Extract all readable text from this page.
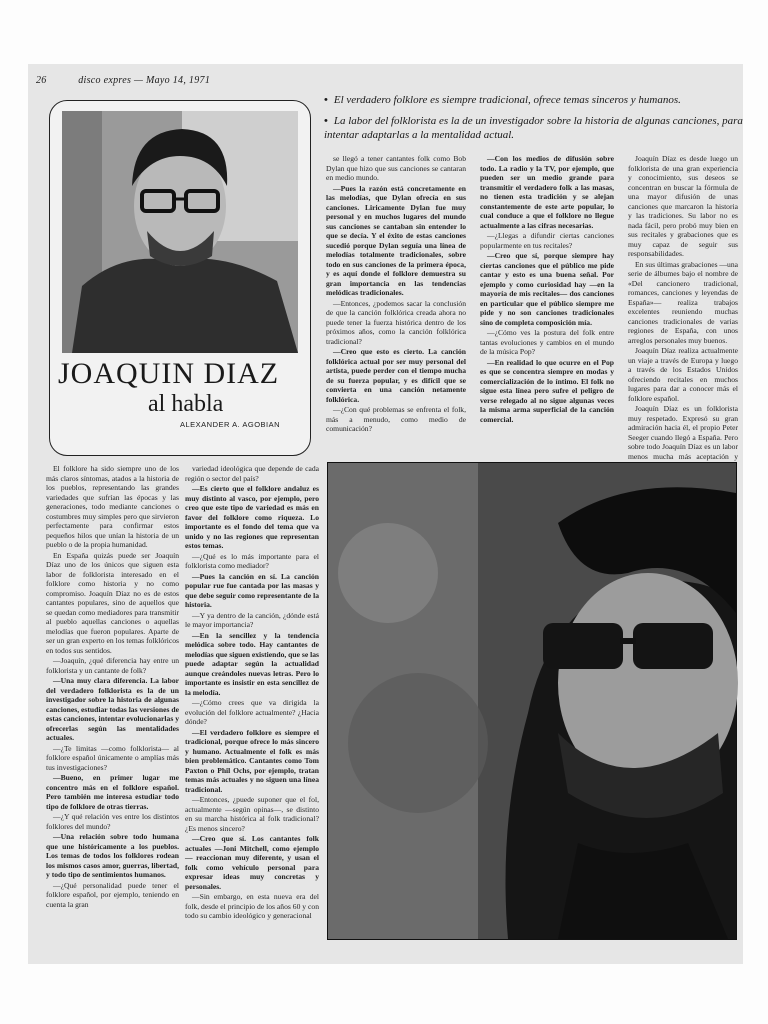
26	disco expres — Mayo 14, 1971
• El verdadero folklore es siempre tradicional, ofrece temas sinceros y humanos.
• La labor del folklorista es la de un investigador sobre la historia de algunas canciones, para intentar adaptarlas a la mentalidad actual.
JOAQUIN DIAZ
al habla
ALEXANDER A. AGOBIAN

se llegó a tener cantantes folk como Bob Dylan que hizo que sus canciones se cantaran en medio mundo.

—Pues la razón está concretamente en las melodías, que Dylan ofrecía en sus canciones. Liricamente Dylan fue muy personal y en muchos lugares del mundo sus canciones se cantaban sin entender lo que se decía. Y el éxito de estas canciones sucedió porque Dylan seguía una línea de melodías totalmente tradicionales, sobre todo en sus canciones de la primera época, y es aquí donde el folklore demuestra su gran importancia en las tendencias melódicas tradicionales.

—Entonces, ¿podemos sacar la conclusión de que la canción folklórica creada ahora no puede tener la fuerza histórica dentro de los próximos años, como la canción folklórica tradicional?

—Creo que esto es cierto. La canción folklórica actual por ser muy personal del artista, puede perder con el tiempo mucha de su fuerza popular, y es difícil que se convierta en una canción netamente folklórica.

—¿Con qué problemas se enfrenta el folk, más a menudo, como medio de comunicación?

—Con los medios de difusión sobre todo. La radio y la TV, por ejemplo, que pueden ser un medio grande para transmitir el verdadero folk a las masas, no tienen esta tradición y se alejan constantemente de este arte popular, lo cual conduce a que el folklore no llegue actualmente a las cifras necesarias.

—¿Llegas a difundir ciertas canciones popularmente en tus recitales?

—Creo que sí, porque siempre hay ciertas canciones que el público me pide cantar y esto es una buena señal. Por ejemplo y como curiosidad hay —en la mayoría de mis recitales— dos canciones en particular que el público siempre me pide y no son canciones tradicionales sino de completa composición mía.

—¿Cómo ves la postura del folk entre tantas evoluciones y cambios en el mundo de la música Pop?

—En realidad lo que ocurre en el Pop es que se concentra siempre en modas y comercialización de lo íntimo. El folk no sigue esta línea pero sufre el peligro de verse relegado al no sigue algunas veces la misma arma superficial de la canción comercial.

Joaquín Díaz es desde luego un folklorista de una gran experiencia y conocimiento, sus deseos se concentran en buscar la fórmula de una mayor difusión de unas canciones que marcaron la historia y las tradiciones. Su labor no es nada fácil, pero probó muy bien en sus recitales y grabaciones que es muy capaz de seguir sus responsabilidades.

En sus últimas grabaciones —una serie de álbumes bajo el nombre de «Del cancionero tradicional, romances, canciones y leyendas de España»— realiza trabajos excelentes reuniendo muchas canciones tradicionales de varias regiones de España, con unos arreglos personales muy buenos.

Joaquín Díaz realiza actualmente un viaje a través de Europa y luego a través de los Estados Unidos ofreciendo recitales en muchos lugares para dar a conocer más el folklore español.

Joaquín Díaz es un folklorista muy respetado. Expresó su gran admiración hacia él, el propio Peter Seeger cuando llegó a España. Pero sobre todo Joaquín Díaz es un labor menos mucha más aceptación y

El folklore ha sido siempre uno de los más claros síntomas, atados a la historia de los pueblos, representando las grandes variedades que sufrían las épocas y las generaciones, todo mediante canciones o costumbres muy simples pero que sirvieron perfectamente para confirmar estos pequeños hilos que unían la historia de un pueblo o de la propia humanidad.

En España quizás puede ser Joaquín Díaz uno de los únicos que siguen esta labor de folklorista interesado en el folklore como historia y no como compromiso. Joaquín Díaz no es de estos cantantes populares, sino de aquellos que se quedan como mediadores para transmitir al pueblo aquellas canciones o aquellas melodías que fueron populares. Aparte de ser un gran experto en los temas folklóricos en todos sus sentidos.

—Joaquín, ¿qué diferencia hay entre un folklorista y un cantante de folk?

—Una muy clara diferencia. La labor del verdadero folklorista es la de un investigador sobre la historia de algunas canciones, estudiar todas las versiones de estas canciones, intentar evolucionarlas y ofrecerlas según las mentalidades actuales.

—¿Te limitas —como folklorista— al folklore español únicamente o amplías más tus investigaciones?

—Bueno, en primer lugar me concentro más en el folklore español. Pero también me interesa estudiar todo tipo de folklore de otras tierras.

—¿Y qué relación ves entre los distintos folklores del mundo?

—Una relación sobre todo humana que une históricamente a los pueblos. Los temas de todos los folklores rodean los mismos casos amor, guerras, libertad, y todo tipo de sentimientos humanos.

—¿Qué personalidad puede tener el folklore español, por ejemplo, teniendo en cuenta la gran

variedad ideológica que depende de cada región o sector del país?

—Es cierto que el folklore andaluz es muy distinto al vasco, por ejemplo, pero creo que este tipo de variedad es más en favor del folklore como riqueza. Lo importante es el fondo del tema que va unido y no las regiones que representan estos temas.

—¿Qué es lo más importante para el folklorista como mediador?

—Pues la canción en sí. La canción popular rue fue cantada por las masas y que debe seguir como representante de la historia.

—Y ya dentro de la canción, ¿dónde está le mayor importancia?

—En la sencillez y la tendencia melódica sobre todo. Hay cantantes de melodías que siguen existiendo, que se las puede adaptar según la actualidad aunque creándoles nuevas letras. Pero lo importante es insistir en esta sencillez de la melodía.

—¿Cómo crees que va dirigida la evolución del folklore actualmente? ¿Hacia dónde?

—El verdadero folklore es siempre el tradicional, porque ofrece lo más sincero y humano. Actualmente el folk es más bien problemático. Cantantes como Tom Paxton o Phil Ochs, por ejemplo, tratan temas más actuales y no siguen una línea tradicional.

—Entonces, ¿puede suponer que el fol, actualmente —según opinas—, se distinto en su marcha histórica al folk tradicional? ¿Es menos sincero?

—Creo que sí. Los cantantes folk actuales —Joni Mitchell, como ejemplo— reaccionan muy diferente, y usan el folk como vehículo personal para expresar ideas muy concretas y personales.

—Sin embargo, en esta nueva era del folk, desde el principio de los años 60 y con todo su cambio ideológico y generacional
